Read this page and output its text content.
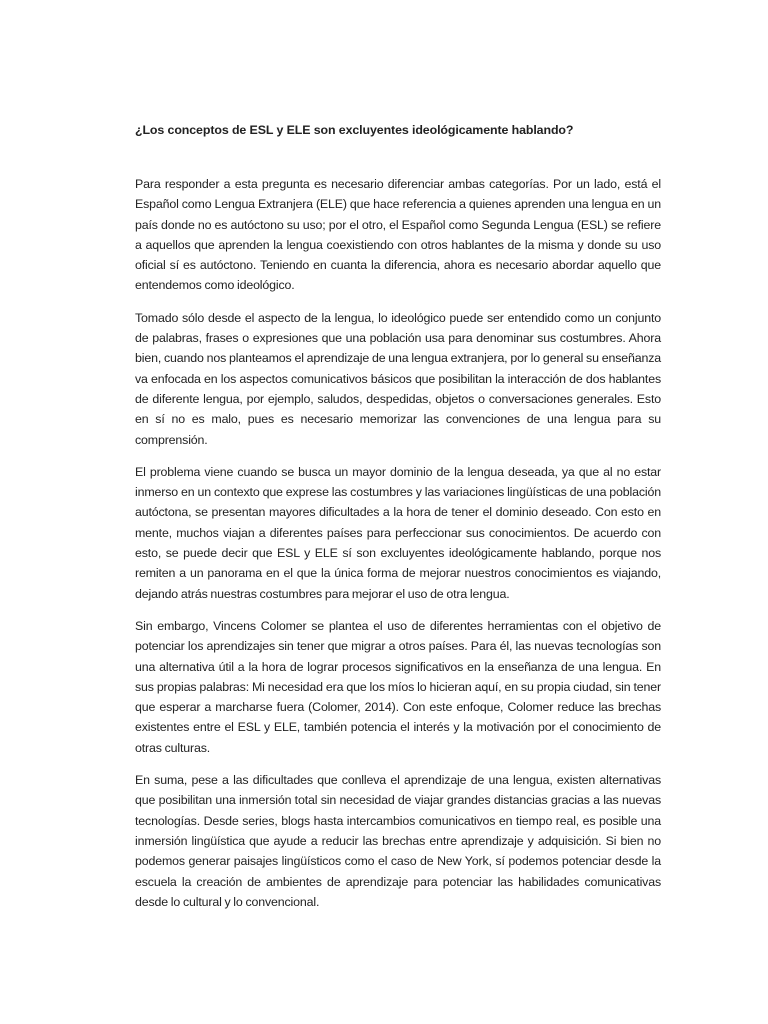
¿Los conceptos de ESL y ELE son excluyentes ideológicamente hablando?

Para responder a esta pregunta es necesario diferenciar ambas categorías. Por un lado, está el Español como Lengua Extranjera (ELE) que hace referencia a quienes aprenden una lengua en un país donde no es autóctono su uso; por el otro, el Español como Segunda Lengua (ESL) se refiere a aquellos que aprenden la lengua coexistiendo con otros hablantes de la misma y donde su uso oficial sí es autóctono. Teniendo en cuanta la diferencia, ahora es necesario abordar aquello que entendemos como ideológico.

Tomado sólo desde el aspecto de la lengua, lo ideológico puede ser entendido como un conjunto de palabras, frases o expresiones que una población usa para denominar sus costumbres. Ahora bien, cuando nos planteamos el aprendizaje de una lengua extranjera, por lo general su enseñanza va enfocada en los aspectos comunicativos básicos que posibilitan la interacción de dos hablantes de diferente lengua, por ejemplo, saludos, despedidas, objetos o conversaciones generales. Esto en sí no es malo, pues es necesario memorizar las convenciones de una lengua para su comprensión.

El problema viene cuando se busca un mayor dominio de la lengua deseada, ya que al no estar inmerso en un contexto que exprese las costumbres y las variaciones lingüísticas de una población autóctona, se presentan mayores dificultades a la hora de tener el dominio deseado. Con esto en mente, muchos viajan a diferentes países para perfeccionar sus conocimientos. De acuerdo con esto, se puede decir que ESL y ELE sí son excluyentes ideológicamente hablando, porque nos remiten a un panorama en el que la única forma de mejorar nuestros conocimientos es viajando, dejando atrás nuestras costumbres para mejorar el uso de otra lengua.

Sin embargo, Vincens Colomer se plantea el uso de diferentes herramientas con el objetivo de potenciar los aprendizajes sin tener que migrar a otros países. Para él, las nuevas tecnologías son una alternativa útil a la hora de lograr procesos significativos en la enseñanza de una lengua. En sus propias palabras: Mi necesidad era que los míos lo hicieran aquí, en su propia ciudad, sin tener que esperar a marcharse fuera (Colomer, 2014). Con este enfoque, Colomer reduce las brechas existentes entre el ESL y ELE, también potencia el interés y la motivación por el conocimiento de otras culturas.

En suma, pese a las dificultades que conlleva el aprendizaje de una lengua, existen alternativas que posibilitan una inmersión total sin necesidad de viajar grandes distancias gracias a las nuevas tecnologías. Desde series, blogs hasta intercambios comunicativos en tiempo real, es posible una inmersión lingüística que ayude a reducir las brechas entre aprendizaje y adquisición. Si bien no podemos generar paisajes lingüísticos como el caso de New York, sí podemos potenciar desde la escuela la creación de ambientes de aprendizaje para potenciar las habilidades comunicativas desde lo cultural y lo convencional.
